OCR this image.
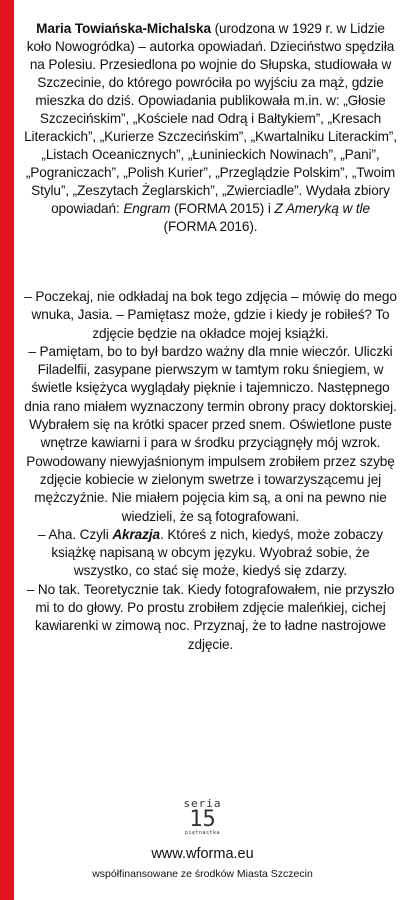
Maria Towiańska-Michalska (urodzona w 1929 r. w Lidzie koło Nowogródka) – autorka opowiadań. Dzieciństwo spędziła na Polesiu. Przesiedlona po wojnie do Słupska, studiowała w Szczecinie, do którego powróciła po wyjściu za mąż, gdzie mieszka do dziś. Opowiadania publikowała m.in. w: „Głosie Szczecińskim”, „Kościele nad Odrą i Bałtykiem”, „Kresach Literackich”, „Kurierze Szczecińskim”, „Kwartalniku Literackim”, „Listach Oceanicznych”, „Łuninieckich Nowinach”, „Pani”, „Pograniczach”, „Polish Kurier”, „Przeglądzie Polskim”, „Twoim Stylu”, „Zeszytach Żeglarskich”, „Zwierciadle”. Wydała zbiory opowiadań: Engram (FORMA 2015) i Z Ameryką w tle (FORMA 2016).

– Poczekaj, nie odkładaj na bok tego zdjęcia – mówię do mego wnuka, Jasia. – Pamiętasz może, gdzie i kiedy je robiłeś? To zdjęcie będzie na okładce mojej książki.

– Pamiętam, bo to był bardzo ważny dla mnie wieczór. Uliczki Filadelfii, zasypane pierwszym w tamtym roku śniegiem, w świetle księżyca wyglądały pięknie i tajemniczo. Następnego dnia rano miałem wyznaczony termin obrony pracy doktorskiej. Wybrałem się na krótki spacer przed snem. Oświetlone puste wnętrze kawiarni i para w środku przyciągnęły mój wzrok. Powodowany niewyjaśnionym impulsem zrobiłem przez szybę zdjęcie kobiecie w zielonym swetrze i towarzyszącemu jej mężczyźnie. Nie miałem pojęcia kim są, a oni na pewno nie wiedzieli, że są fotografowani.

– Aha. Czyli Akrazja. Któreś z nich, kiedyś, może zobaczy książkę napisaną w obcym języku. Wyobraź sobie, że wszystko, co stać się może, kiedyś się zdarzy.

– No tak. Teoretycznie tak. Kiedy fotografowałem, nie przyszło mi to do głowy. Po prostu zrobiłem zdjęcie maleńkiej, cichej kawiarenki w zimową noc. Przyznaj, że to ładne nastrojowe zdjęcie.

seria
15
piętnastka
www.wforma.eu
współfinansowane ze środków Miasta Szczecin
